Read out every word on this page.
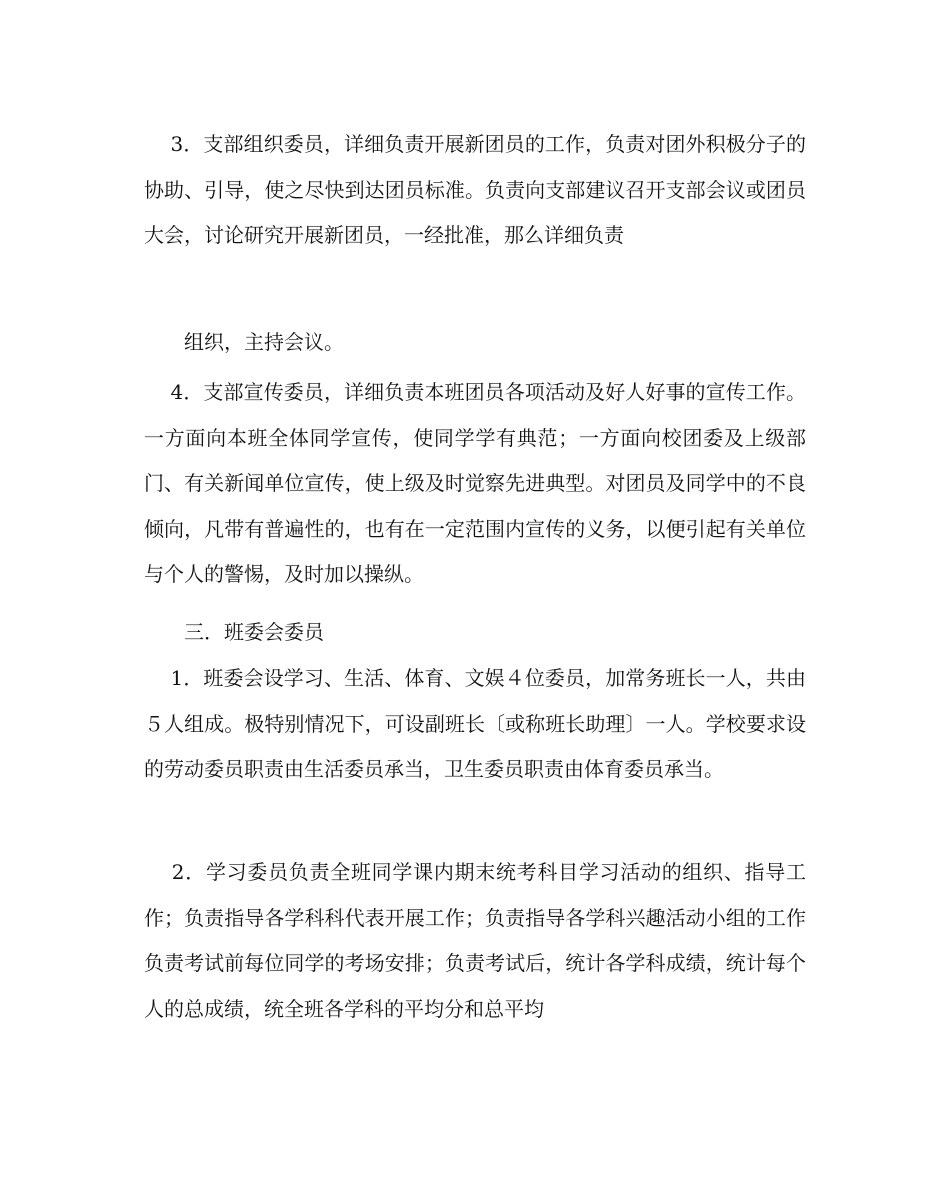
　 3．支部组织委员，详细负责开展新团员的工作，负责对团外积极分子的协助、引导，使之尽快到达团员标准。负责向支部建议召开支部会议或团员大会，讨论研究开展新团员，一经批准，那么详细负责

　　组织，主持会议。

　 4．支部宣传委员，详细负责本班团员各项活动及好人好事的宣传工作。一方面向本班全体同学宣传，使同学学有典范；一方面向校团委及上级部门、有关新闻单位宣传，使上级及时觉察先进典型。对团员及同学中的不良倾向，凡带有普遍性的，也有在一定范围内宣传的义务，以便引起有关单位与个人的警惕，及时加以操纵。

　　三．班委会委员

　 1．班委会设学习、生活、体育、文娱４位委员，加常务班长一人，共由５人组成。极特别情况下，可设副班长〔或称班长助理〕一人。学校要求设的劳动委员职责由生活委员承当，卫生委员职责由体育委员承当。

　 2．学习委员负责全班同学课内期末统考科目学习活动的组织、指导工作；负责指导各学科科代表开展工作；负责指导各学科兴趣活动小组的工作负责考试前每位同学的考场安排；负责考试后，统计各学科成绩，统计每个人的总成绩，统全班各学科的平均分和总平均
